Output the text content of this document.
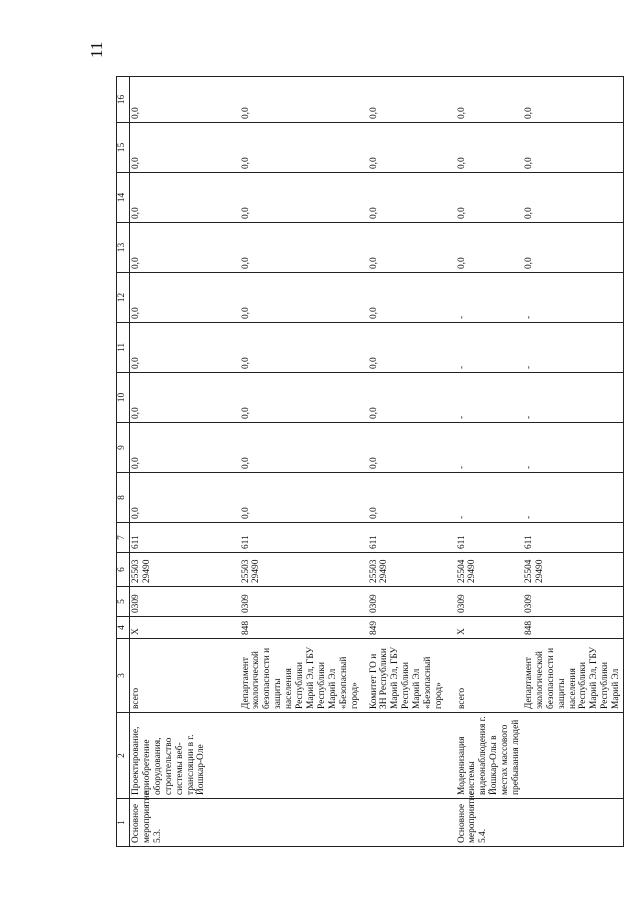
11
1	2	3	4	5	6	7	8	9	10	11	12	13	14	15	16
Основное мероприятие 5.3.	Проектирование, приобретение оборудования, строительство системы веб-трансляции в г. Йошкар-Оле	всего	X	0309	25503 29490	611	0,0	0,0	0,0	0,0	0,0	0,0	0,0	0,0	0,0
		Департамент экологической безопасности и защиты населения Республики Марий Эл, ГБУ Республики Марий Эл «Безопасный город»	848	0309	25503 29490	611	0,0	0,0	0,0	0,0	0,0	0,0	0,0	0,0	0,0
		Комитет ГО и ЗН Республики Марий Эл, ГБУ Республики Марий Эл «Безопасный город»	849	0309	25503 29490	611	0,0	0,0	0,0	0,0	0,0	0,0	0,0	0,0	0,0
Основное мероприятие 5.4.	Модернизация системы видеонаблюдения г. Йошкар-Олы в местах массового пребывания людей	всего	X	0309	25504 29490	611	-	-	-	-	-	0,0	0,0	0,0	0,0
		Департамент экологической безопасности и защиты населения Республики Марий Эл, ГБУ Республики Марий Эл	848	0309	25504 29490	611	-	-	-	-	-	0,0	0,0	0,0	0,0
